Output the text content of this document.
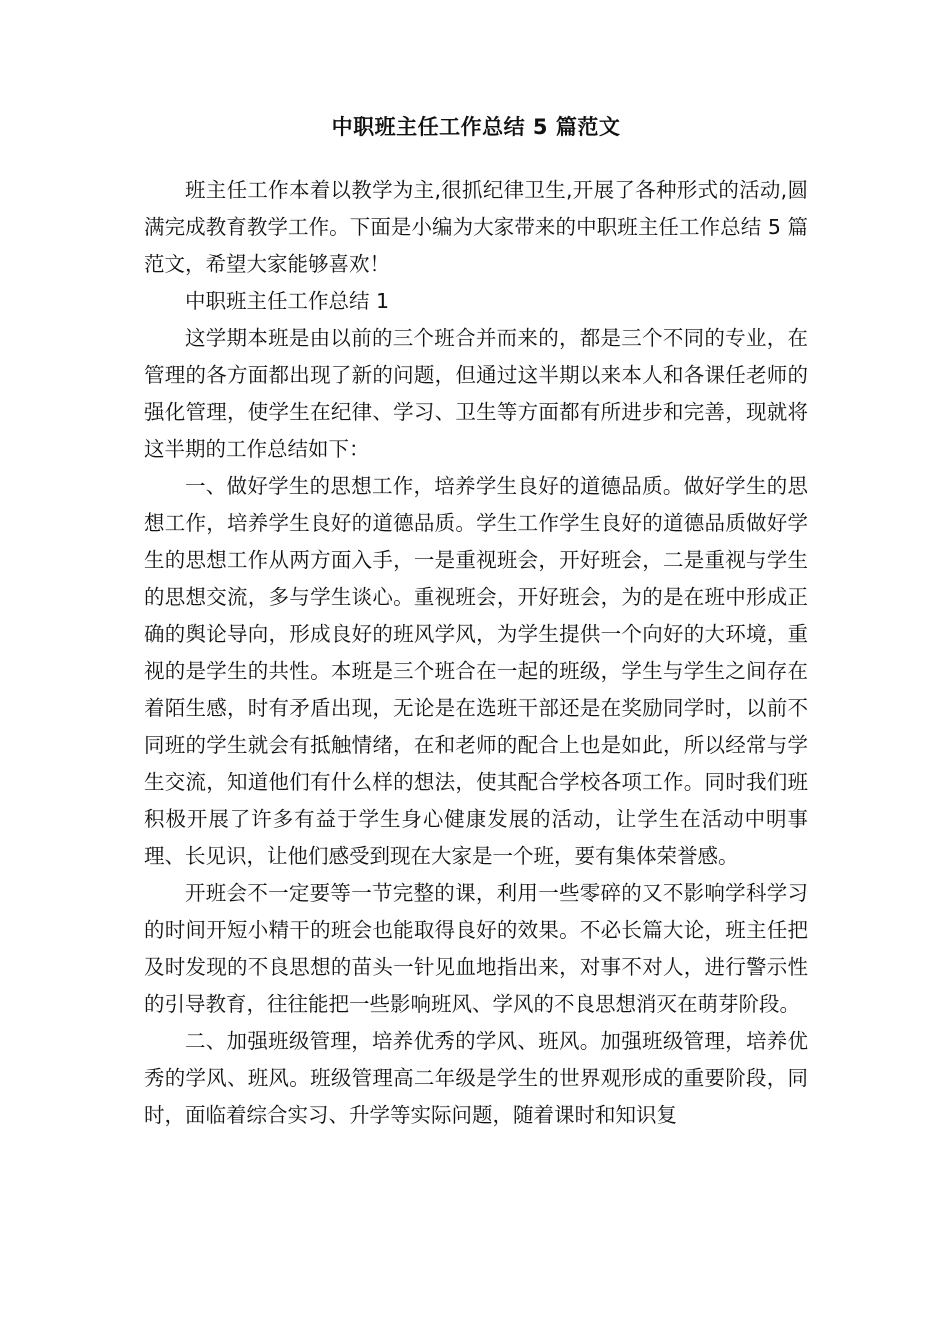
中职班主任工作总结 5 篇范文

班主任工作本着以教学为主,很抓纪律卫生,开展了各种形式的活动,圆满完成教育教学工作。下面是小编为大家带来的中职班主任工作总结 5 篇范文，希望大家能够喜欢！

中职班主任工作总结 1

这学期本班是由以前的三个班合并而来的，都是三个不同的专业，在管理的各方面都出现了新的问题，但通过这半期以来本人和各课任老师的强化管理，使学生在纪律、学习、卫生等方面都有所进步和完善，现就将这半期的工作总结如下：

一、做好学生的思想工作，培养学生良好的道德品质。做好学生的思想工作，培养学生良好的道德品质。学生工作学生良好的道德品质做好学生的思想工作从两方面入手，一是重视班会，开好班会，二是重视与学生的思想交流，多与学生谈心。重视班会，开好班会，为的是在班中形成正确的舆论导向，形成良好的班风学风，为学生提供一个向好的大环境，重视的是学生的共性。本班是三个班合在一起的班级，学生与学生之间存在着陌生感，时有矛盾出现，无论是在选班干部还是在奖励同学时，以前不同班的学生就会有抵触情绪，在和老师的配合上也是如此，所以经常与学生交流，知道他们有什么样的想法，使其配合学校各项工作。同时我们班积极开展了许多有益于学生身心健康发展的活动，让学生在活动中明事理、长见识，让他们感受到现在大家是一个班，要有集体荣誉感。

开班会不一定要等一节完整的课，利用一些零碎的又不影响学科学习的时间开短小精干的班会也能取得良好的效果。不必长篇大论，班主任把及时发现的不良思想的苗头一针见血地指出来，对事不对人，进行警示性的引导教育，往往能把一些影响班风、学风的不良思想消灭在萌芽阶段。

二、加强班级管理，培养优秀的学风、班风。加强班级管理，培养优秀的学风、班风。班级管理高二年级是学生的世界观形成的重要阶段，同时，面临着综合实习、升学等实际问题，随着课时和知识复
